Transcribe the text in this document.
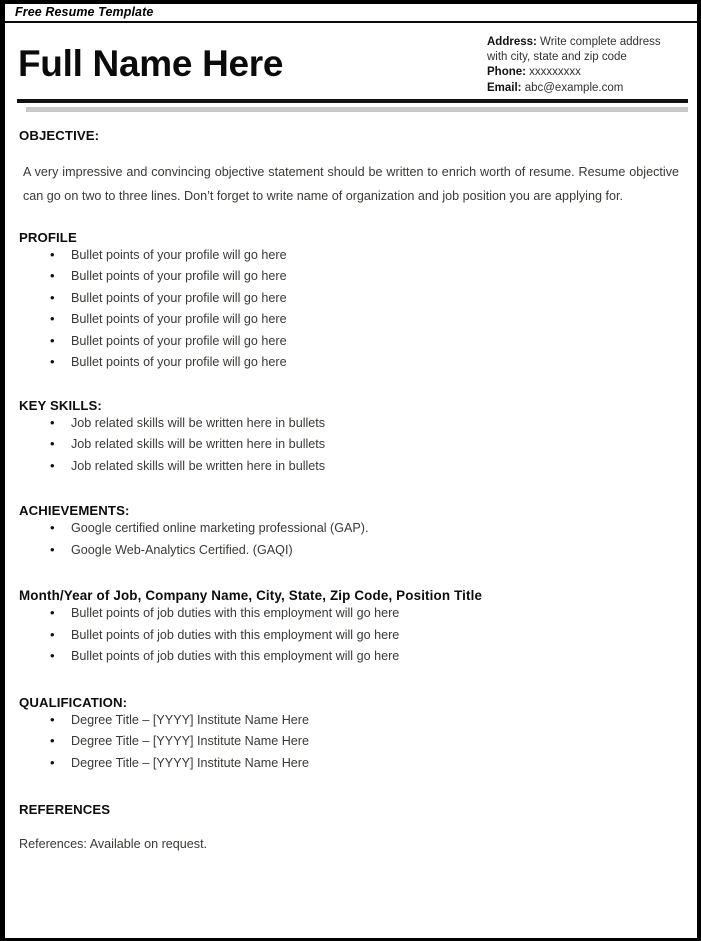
Free Resume Template
Full Name Here
Address: Write complete address with city, state and zip code
Phone: xxxxxxxxx
Email: abc@example.com
OBJECTIVE:

A very impressive and convincing objective statement should be written to enrich worth of resume. Resume objective can go on two to three lines. Don’t forget to write name of organization and job position you are applying for.

PROFILE
• Bullet points of your profile will go here
• Bullet points of your profile will go here
• Bullet points of your profile will go here
• Bullet points of your profile will go here
• Bullet points of your profile will go here
• Bullet points of your profile will go here
KEY SKILLS:
• Job related skills will be written here in bullets
• Job related skills will be written here in bullets
• Job related skills will be written here in bullets
ACHIEVEMENTS:
• Google certified online marketing professional (GAP).
• Google Web-Analytics Certified. (GAQI)
Month/Year of Job, Company Name, City, State, Zip Code, Position Title
• Bullet points of job duties with this employment will go here
• Bullet points of job duties with this employment will go here
• Bullet points of job duties with this employment will go here
QUALIFICATION:
• Degree Title – [YYYY] Institute Name Here
• Degree Title – [YYYY] Institute Name Here
• Degree Title – [YYYY] Institute Name Here
REFERENCES

References: Available on request.
